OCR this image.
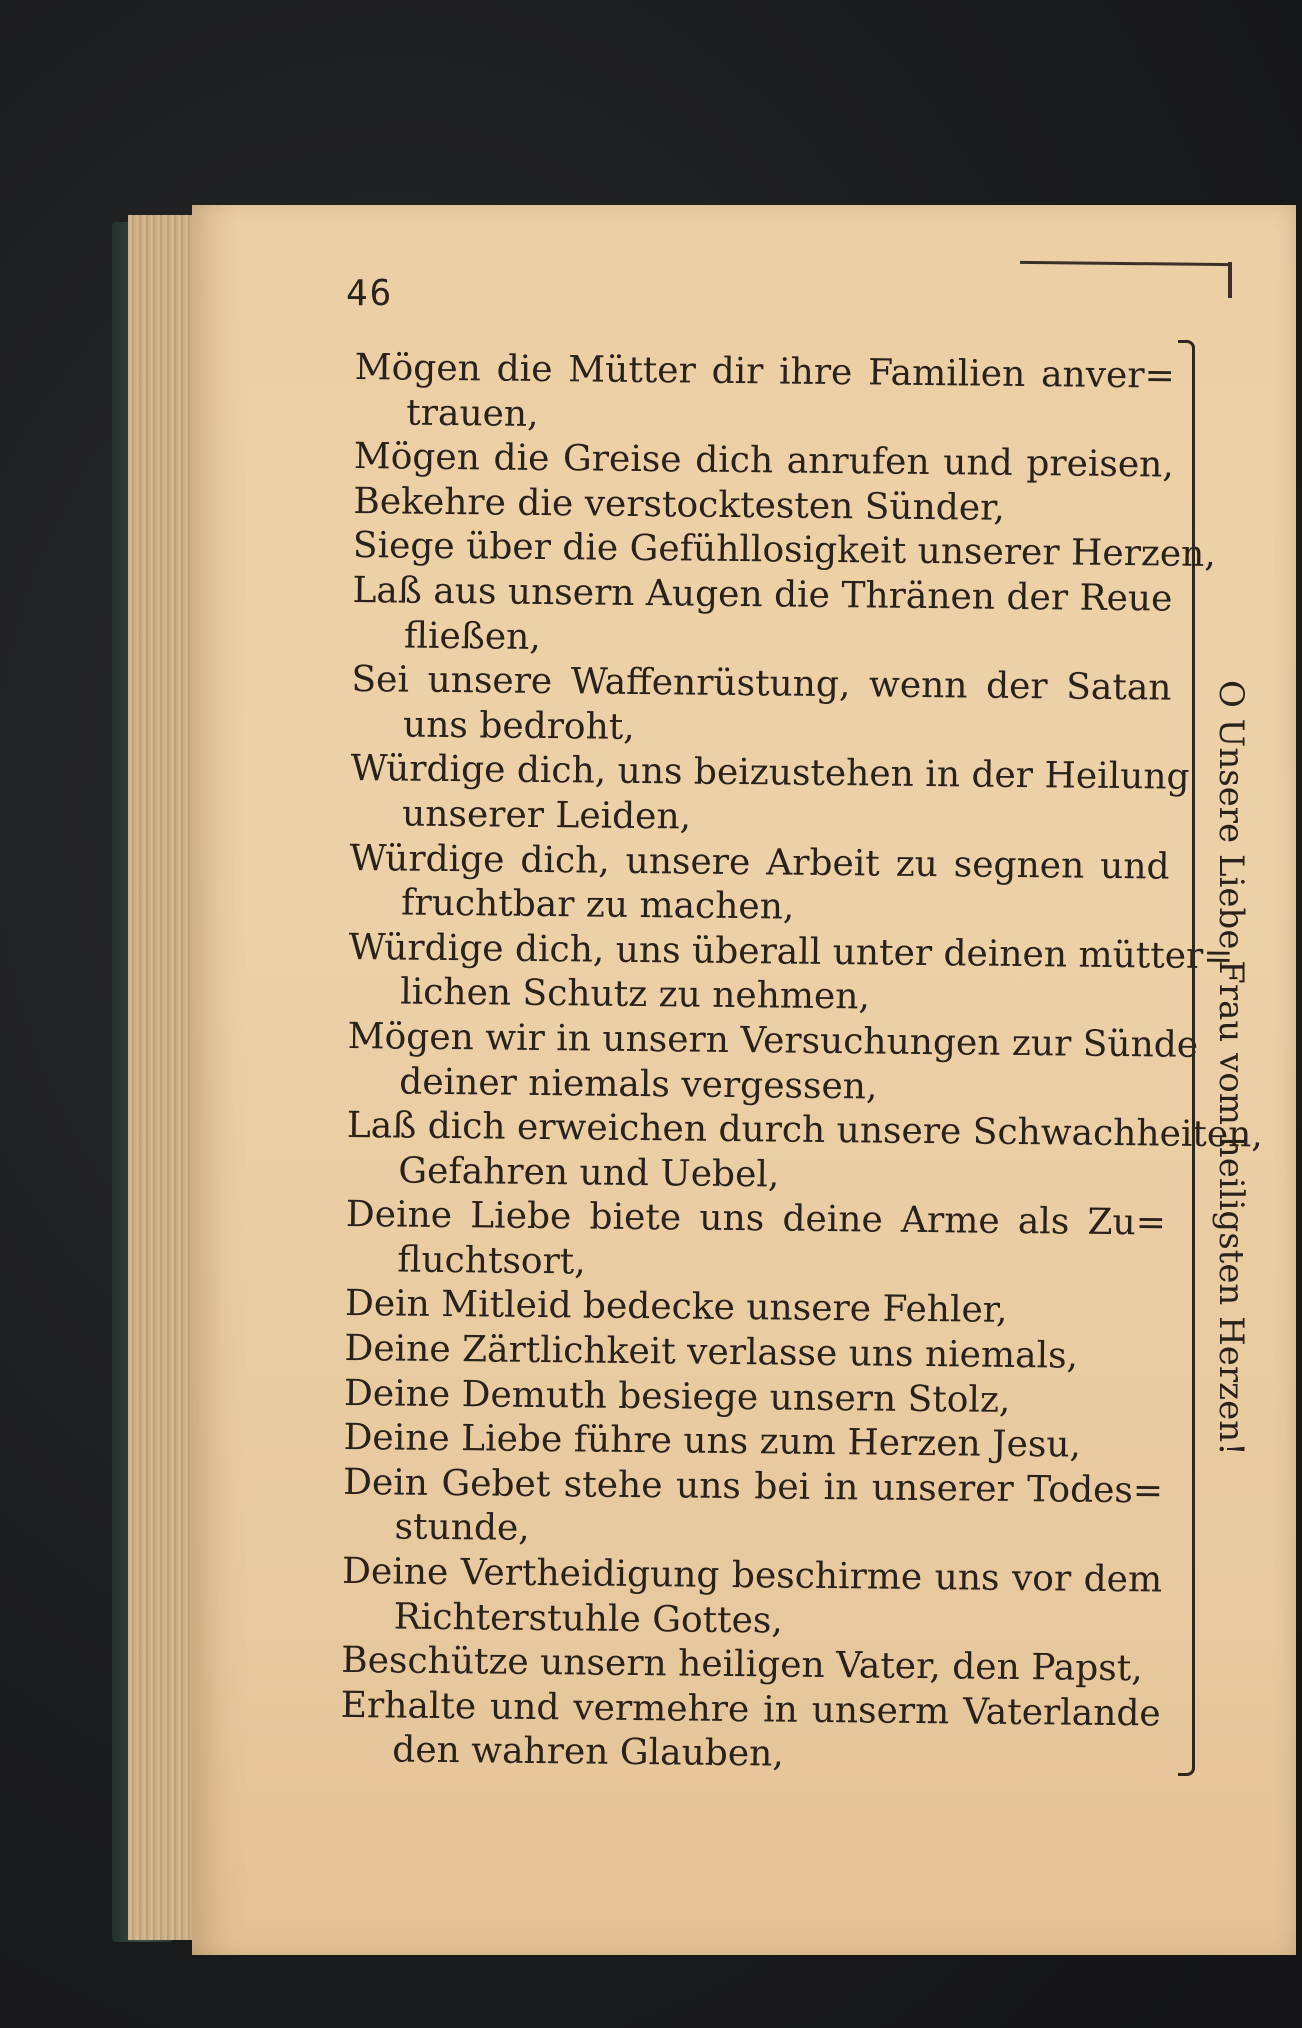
46
Mögen die Mütter dir ihre Familien anver=
trauen,
Mögen die Greise dich anrufen und preisen,
Bekehre die verstocktesten Sünder,
Siege über die Gefühllosigkeit unserer Herzen,
Laß aus unsern Augen die Thränen der Reue
fließen,
Sei unsere Waffenrüstung, wenn der Satan
uns bedroht,
Würdige dich, uns beizustehen in der Heilung
unserer Leiden,
Würdige dich, unsere Arbeit zu segnen und
fruchtbar zu machen,
Würdige dich, uns überall unter deinen mütter=
lichen Schutz zu nehmen,
Mögen wir in unsern Versuchungen zur Sünde
deiner niemals vergessen,
Laß dich erweichen durch unsere Schwachheiten,
Gefahren und Uebel,
Deine Liebe biete uns deine Arme als Zu=
fluchtsort,
Dein Mitleid bedecke unsere Fehler,
Deine Zärtlichkeit verlasse uns niemals,
Deine Demuth besiege unsern Stolz,
Deine Liebe führe uns zum Herzen Jesu,
Dein Gebet stehe uns bei in unserer Todes=
stunde,
Deine Vertheidigung beschirme uns vor dem
Richterstuhle Gottes,
Beschütze unsern heiligen Vater, den Papst,
Erhalte und vermehre in unserm Vaterlande
den wahren Glauben,
O Unsere Liebe Frau vom heiligsten Herzen!
